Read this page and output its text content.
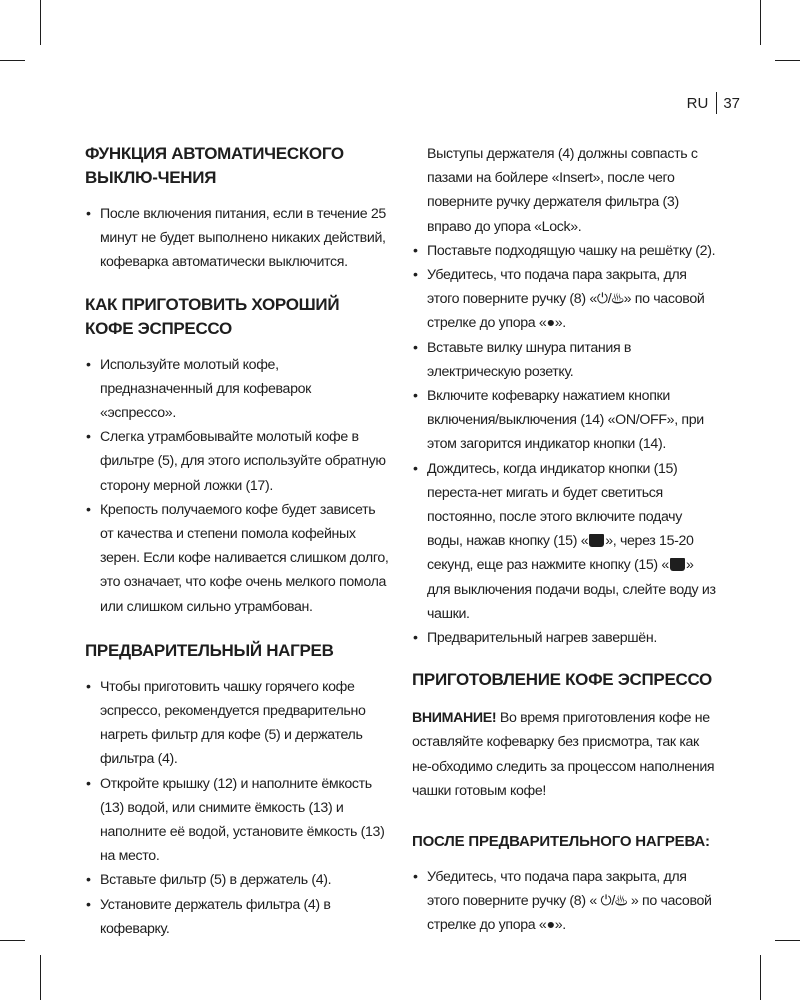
RU 37
ФУНКЦИЯ АВТОМАТИЧЕСКОГО ВЫКЛЮ-ЧЕНИЯ
• После включения питания, если в течение 25 минут не будет выполнено никаких действий, кофеварка автоматически выключится.
КАК ПРИГОТОВИТЬ ХОРОШИЙ КОФЕ ЭСПРЕССО
• Используйте молотый кофе, предназначенный для кофеварок «эспрессо».
• Слегка утрамбовывайте молотый кофе в фильтре (5), для этого используйте обратную сторону мерной ложки (17).
• Крепость получаемого кофе будет зависеть от качества и степени помола кофейных зерен. Если кофе наливается слишком долго, это означает, что кофе очень мелкого помола или слишком сильно утрамбован.
ПРЕДВАРИТЕЛЬНЫЙ НАГРЕВ
• Чтобы приготовить чашку горячего кофе эспрессо, рекомендуется предварительно нагреть фильтр для кофе (5) и держатель фильтра (4).
• Откройте крышку (12) и наполните ёмкость (13) водой, или снимите ёмкость (13) и наполните её водой, установите ёмкость (13) на место.
• Вставьте фильтр (5) в держатель (4).
• Установите держатель фильтра (4) в кофеварку.

Выступы держателя (4) должны совпасть с пазами на бойлере «Insert», после чего поверните ручку держателя фильтра (3) вправо до упора «Lock».

• Поставьте подходящую чашку на решётку (2).
• Убедитесь, что подача пара закрыта, для этого поверните ручку (8) «⏻/♨» по часовой стрелке до упора «●».
• Вставьте вилку шнура питания в электрическую розетку.
• Включите кофеварку нажатием кнопки включения/выключения (14) «ON/OFF», при этом загорится индикатор кнопки (14).
• Дождитесь, когда индикатор кнопки (15) переста-нет мигать и будет светиться постоянно, после этого включите подачу воды, нажав кнопку (15) « », через 15-20 секунд, еще раз нажмите кнопку (15) « » для выключения подачи воды, слейте воду из чашки.
• Предварительный нагрев завершён.
ПРИГОТОВЛЕНИЕ КОФЕ ЭСПРЕССО

ВНИМАНИЕ! Во время приготовления кофе не оставляйте кофеварку без присмотра, так как не-обходимо следить за процессом наполнения чашки готовым кофе!

ПОСЛЕ ПРЕДВАРИТЕЛЬНОГО НАГРЕВА:
• Убедитесь, что подача пара закрыта, для этого поверните ручку (8) « ⏻/♨ » по часовой стрелке до упора «●».
